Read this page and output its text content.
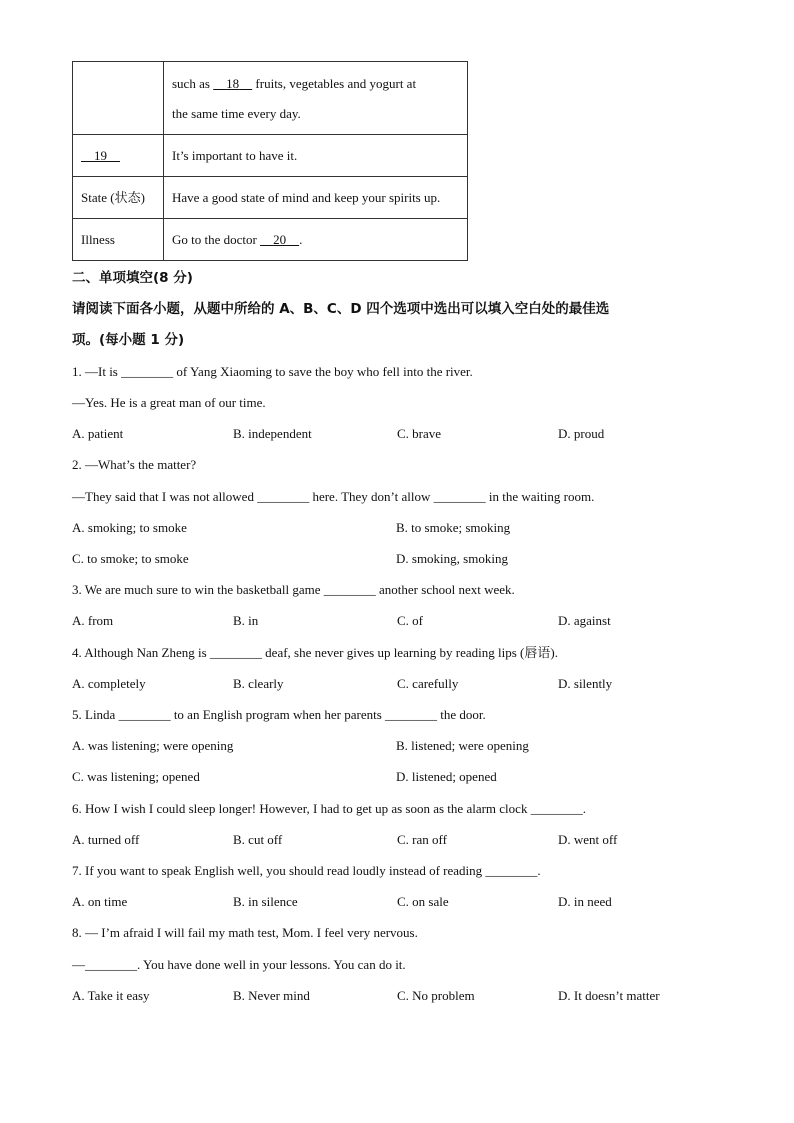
	such as     18     fruits, vegetables and yogurt at
the same time every day.

19	It’s important to have it.
State (状态)	Have a good state of mind and keep your spirits up.
Illness	Go to the doctor     20 .
二、单项填空(8 分)
请阅读下面各小题，从题中所给的 A、B、C、D 四个选项中选出可以填入空白处的最佳选
项。(每小题 1 分)
1. —It is ________ of Yang Xiaoming to save the boy who fell into the river.
—Yes. He is a great man of our time.
A. patient	B. independent	C. brave	D. proud
2. —What’s the matter?
—They said that I was not allowed ________ here. They don’t allow ________ in the waiting room.
A. smoking; to smoke	B. to smoke; smoking
C. to smoke; to smoke	D. smoking, smoking
3. We are much sure to win the basketball game ________ another school next week.
A. from	B. in	C. of	D. against
4. Although Nan Zheng is ________ deaf, she never gives up learning by reading lips (唇语).
A. completely	B. clearly	C. carefully	D. silently
5. Linda ________ to an English program when her parents ________ the door.
A. was listening; were opening	B. listened; were opening
C. was listening; opened	D. listened; opened
6. How I wish I could sleep longer! However, I had to get up as soon as the alarm clock ________.
A. turned off	B. cut off	C. ran off	D. went off
7. If you want to speak English well, you should read loudly instead of reading ________.
A. on time	B. in silence	C. on sale	D. in need
8. — I’m afraid I will fail my math test, Mom. I feel very nervous.
—________. You have done well in your lessons. You can do it.
A. Take it easy	B. Never mind	C. No problem	D. It doesn’t matter
